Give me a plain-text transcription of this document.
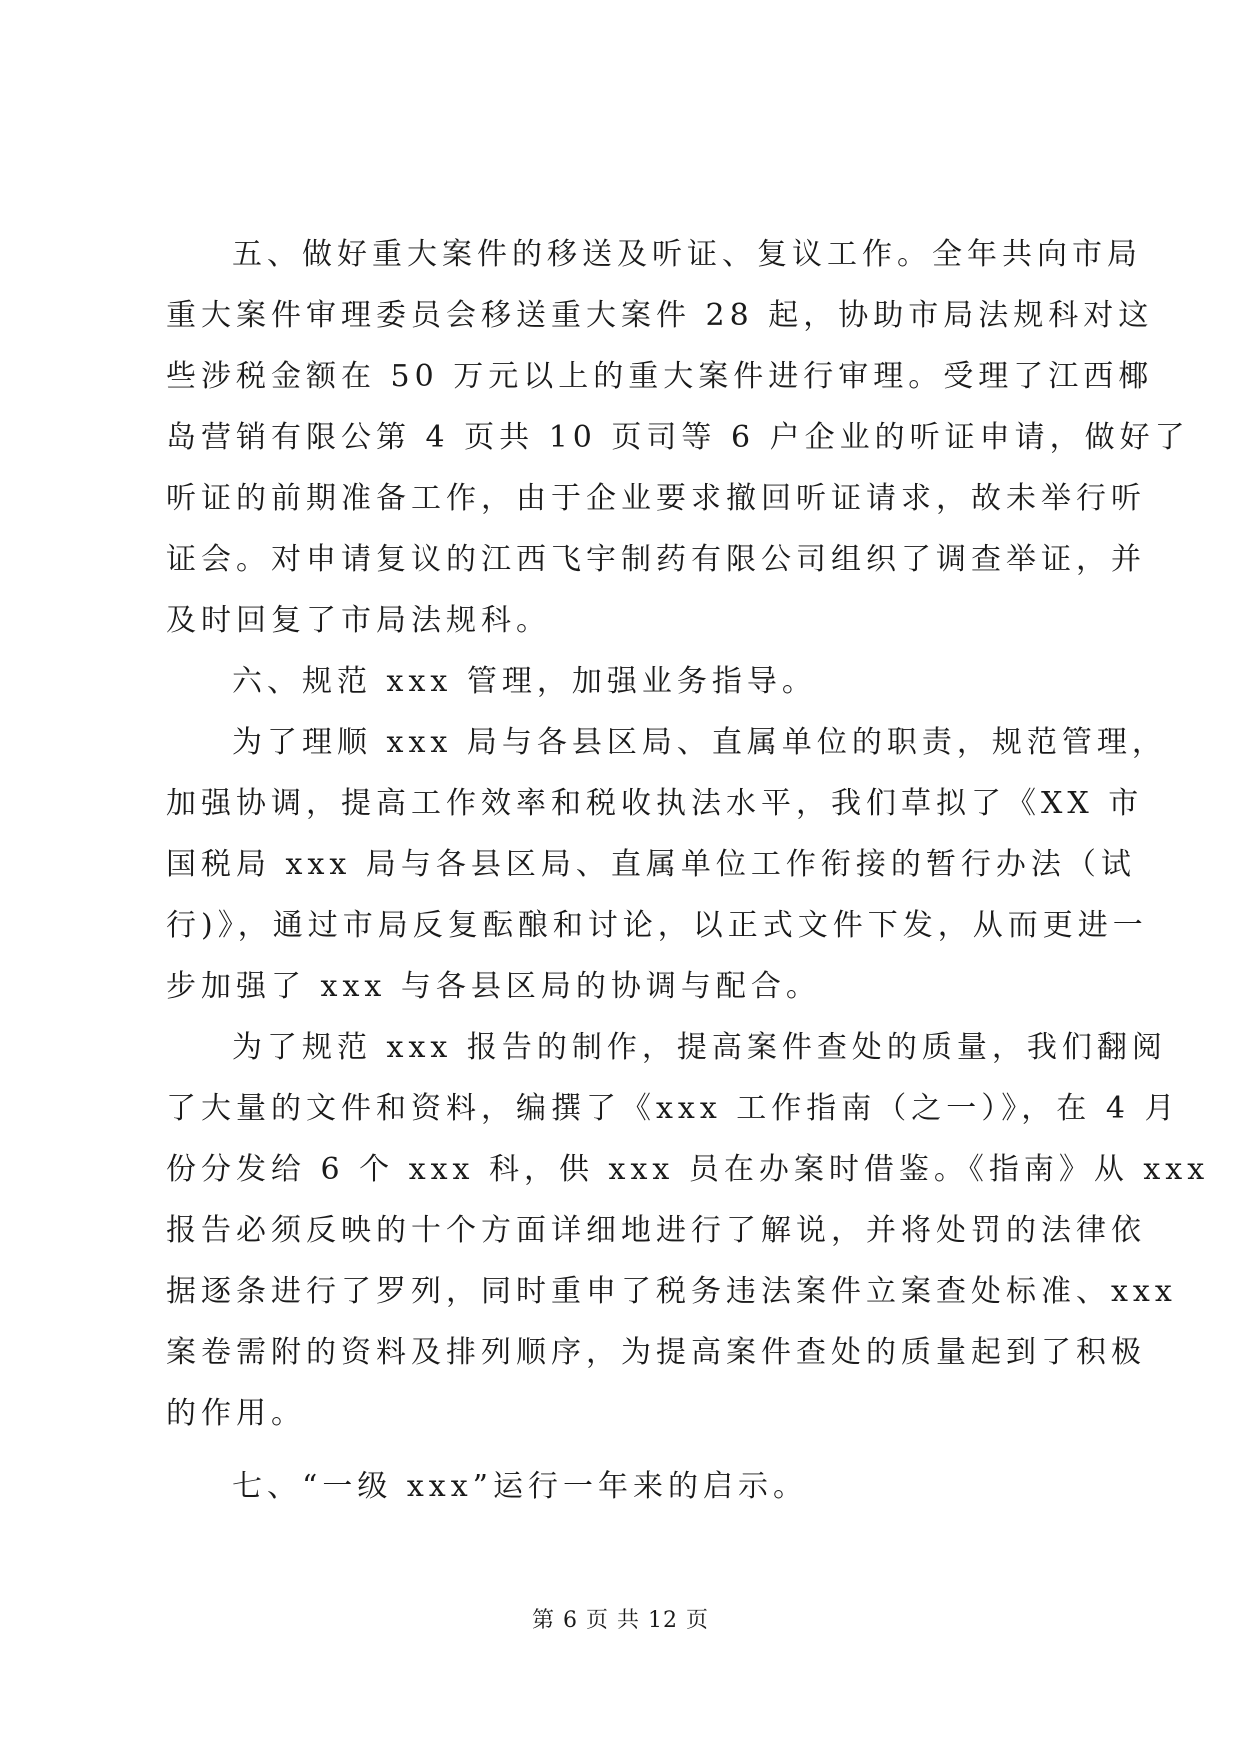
五、做好重大案件的移送及听证、复议工作。全年共向市局
重大案件审理委员会移送重大案件 28 起，协助市局法规科对这
些涉税金额在 50 万元以上的重大案件进行审理。受理了江西椰
岛营销有限公第 4 页共 10 页司等 6 户企业的听证申请，做好了
听证的前期准备工作，由于企业要求撤回听证请求，故未举行听
证会。对申请复议的江西飞宇制药有限公司组织了调查举证，并
及时回复了市局法规科。
六、规范 xxx 管理，加强业务指导。
为了理顺 xxx 局与各县区局、直属单位的职责，规范管理，
加强协调，提高工作效率和税收执法水平，我们草拟了《XX 市
国税局 xxx 局与各县区局、直属单位工作衔接的暂行办法（试
行)》，通过市局反复酝酿和讨论，以正式文件下发，从而更进一
步加强了 xxx 与各县区局的协调与配合。
为了规范 xxx 报告的制作，提高案件查处的质量，我们翻阅
了大量的文件和资料，编撰了《xxx 工作指南（之一）》，在 4 月
份分发给 6 个 xxx 科，供 xxx 员在办案时借鉴。《指南》从 xxx
报告必须反映的十个方面详细地进行了解说，并将处罚的法律依
据逐条进行了罗列，同时重申了税务违法案件立案查处标准、xxx
案卷需附的资料及排列顺序，为提高案件查处的质量起到了积极
的作用。
七、“一级 xxx”运行一年来的启示。
第 6 页 共 12 页
